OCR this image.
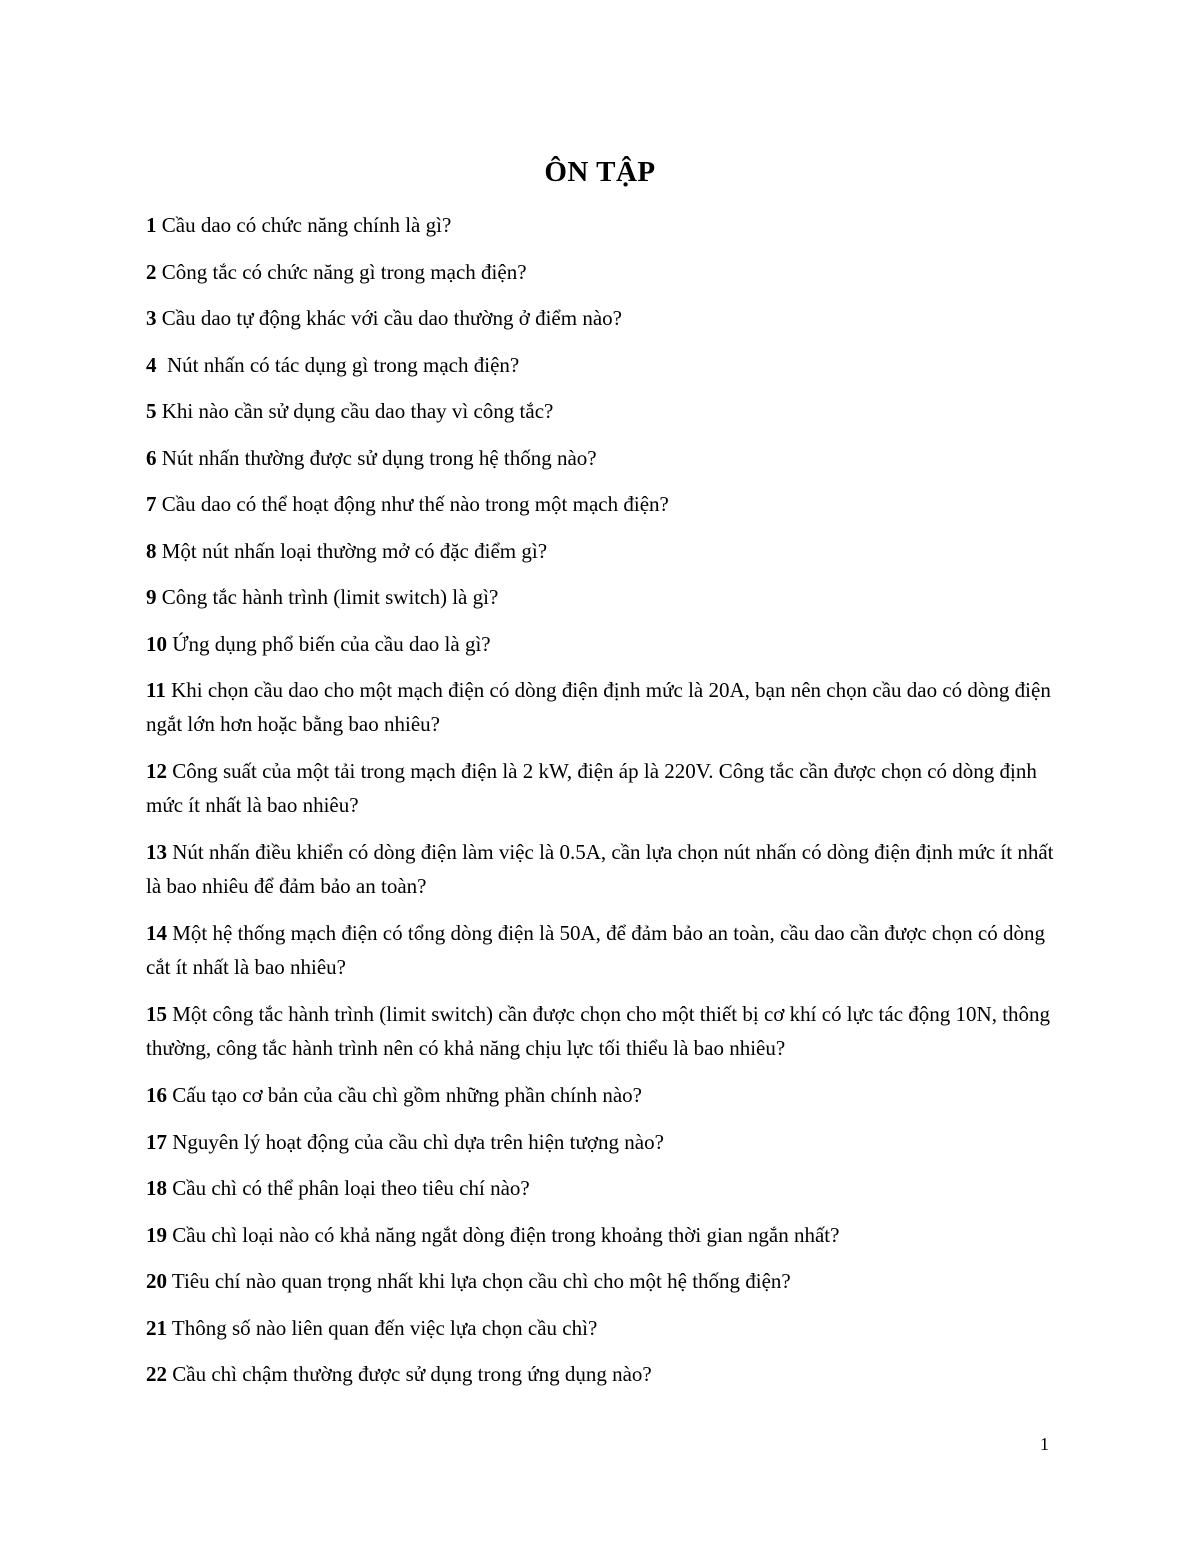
ÔN TẬP
1 Cầu dao có chức năng chính là gì?
2 Công tắc có chức năng gì trong mạch điện?
3 Cầu dao tự động khác với cầu dao thường ở điểm nào?
4  Nút nhấn có tác dụng gì trong mạch điện?
5 Khi nào cần sử dụng cầu dao thay vì công tắc?
6 Nút nhấn thường được sử dụng trong hệ thống nào?
7 Cầu dao có thể hoạt động như thế nào trong một mạch điện?
8 Một nút nhấn loại thường mở có đặc điểm gì?
9 Công tắc hành trình (limit switch) là gì?
10 Ứng dụng phổ biến của cầu dao là gì?
11 Khi chọn cầu dao cho một mạch điện có dòng điện định mức là 20A, bạn nên chọn cầu dao có dòng điện ngắt lớn hơn hoặc bằng bao nhiêu?
12 Công suất của một tải trong mạch điện là 2 kW, điện áp là 220V. Công tắc cần được chọn có dòng định mức ít nhất là bao nhiêu?
13 Nút nhấn điều khiển có dòng điện làm việc là 0.5A, cần lựa chọn nút nhấn có dòng điện định mức ít nhất là bao nhiêu để đảm bảo an toàn?
14 Một hệ thống mạch điện có tổng dòng điện là 50A, để đảm bảo an toàn, cầu dao cần được chọn có dòng cắt ít nhất là bao nhiêu?
15 Một công tắc hành trình (limit switch) cần được chọn cho một thiết bị cơ khí có lực tác động 10N, thông thường, công tắc hành trình nên có khả năng chịu lực tối thiểu là bao nhiêu?
16 Cấu tạo cơ bản của cầu chì gồm những phần chính nào?
17 Nguyên lý hoạt động của cầu chì dựa trên hiện tượng nào?
18 Cầu chì có thể phân loại theo tiêu chí nào?
19 Cầu chì loại nào có khả năng ngắt dòng điện trong khoảng thời gian ngắn nhất?
20 Tiêu chí nào quan trọng nhất khi lựa chọn cầu chì cho một hệ thống điện?
21 Thông số nào liên quan đến việc lựa chọn cầu chì?
22 Cầu chì chậm thường được sử dụng trong ứng dụng nào?
1
